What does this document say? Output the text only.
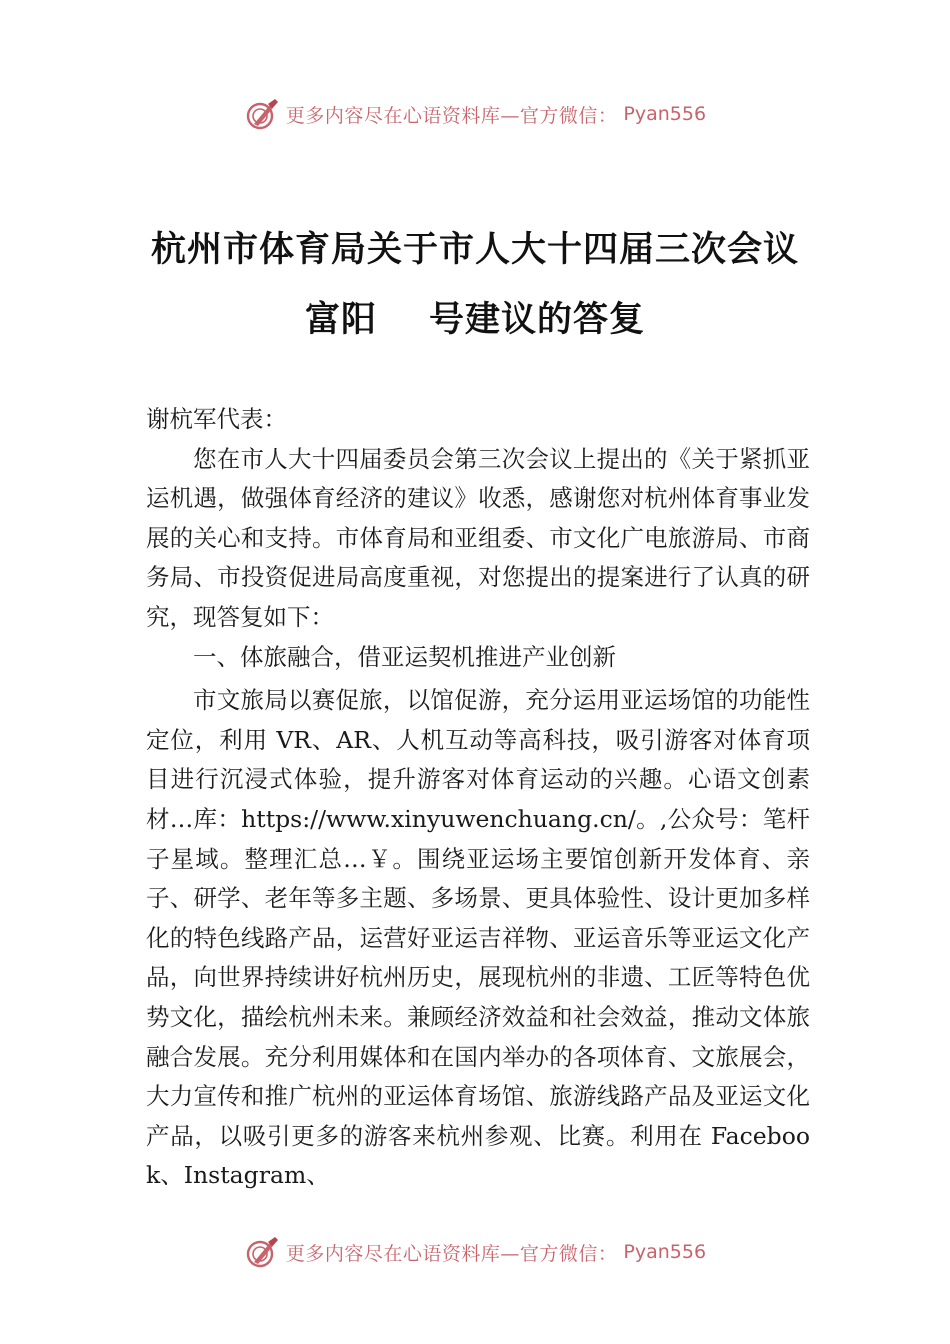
更多内容尽在心语资料库—官方微信： Pyan556
杭州市体育局关于市人大十四届三次会议
富阳 号建议的答复

谢杭军代表：

您在市人大十四届委员会第三次会议上提出的《关于紧抓亚运机遇，做强体育经济的建议》收悉，感谢您对杭州体育事业发展的关心和支持。市体育局和亚组委、市文化广电旅游局、市商务局、市投资促进局高度重视，对您提出的提案进行了认真的研究，现答复如下：

一、体旅融合，借亚运契机推进产业创新

市文旅局以赛促旅，以馆促游，充分运用亚运场馆的功能性定位，利用 VR、AR、人机互动等高科技，吸引游客对体育项目进行沉浸式体验，提升游客对体育运动的兴趣。心语文创素材…库：https://www.xinyuwenchuang.cn/。,公众号：笔杆子星域。整理汇总…￥。围绕亚运场主要馆创新开发体育、亲子、研学、老年等多主题、多场景、更具体验性、设计更加多样化的特色线路产品，运营好亚运吉祥物、亚运音乐等亚运文化产品，向世界持续讲好杭州历史，展现杭州的非遗、工匠等特色优势文化，描绘杭州未来。兼顾经济效益和社会效益，推动文体旅融合发展。充分利用媒体和在国内举办的各项体育、文旅展会，大力宣传和推广杭州的亚运体育场馆、旅游线路产品及亚运文化产品，以吸引更多的游客来杭州参观、比赛。利用在 Facebook、Instagram、

更多内容尽在心语资料库—官方微信： Pyan556
